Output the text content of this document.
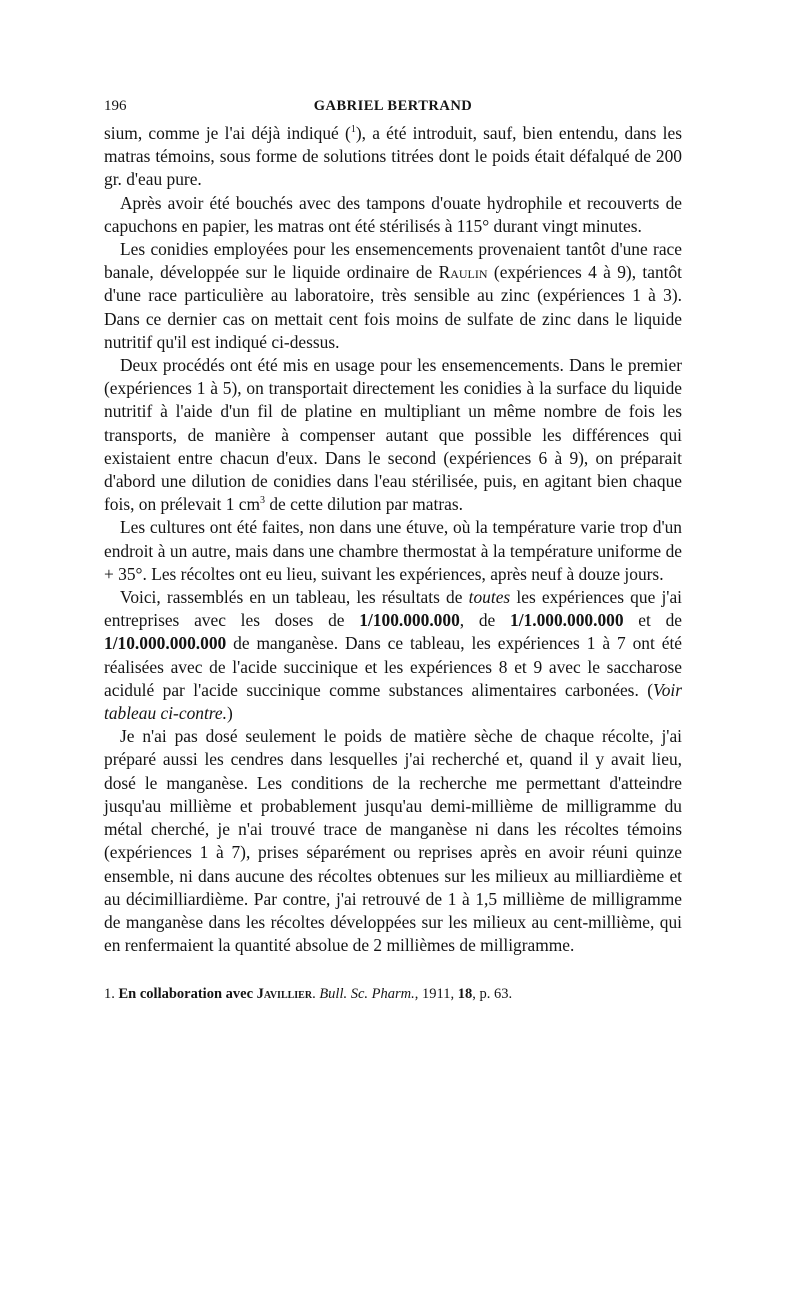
196	GABRIEL BERTRAND

sium, comme je l'ai déjà indiqué ($^1$), a été introduit, sauf, bien entendu, dans les matras témoins, sous forme de solutions titrées dont le poids était défalqué de 200 gr. d'eau pure.

Après avoir été bouchés avec des tampons d'ouate hydrophile et recouverts de capuchons en papier, les matras ont été stérilisés à 115° durant vingt minutes.

Les conidies employées pour les ensemencements provenaient tantôt d'une race banale, développée sur le liquide ordinaire de Raulin (expériences 4 à 9), tantôt d'une race particulière au laboratoire, très sensible au zinc (expériences 1 à 3). Dans ce dernier cas on mettait cent fois moins de sulfate de zinc dans le liquide nutritif qu'il est indiqué ci-dessus.

Deux procédés ont été mis en usage pour les ensemencements. Dans le premier (expériences 1 à 5), on transportait directement les conidies à la surface du liquide nutritif à l'aide d'un fil de platine en multipliant un même nombre de fois les transports, de manière à compenser autant que possible les différences qui existaient entre chacun d'eux. Dans le second (expériences 6 à 9), on préparait d'abord une dilution de conidies dans l'eau stérilisée, puis, en agitant bien chaque fois, on prélevait 1 $cm^3$ de cette dilution par matras.

Les cultures ont été faites, non dans une étuve, où la température varie trop d'un endroit à un autre, mais dans une chambre thermostat à la température uniforme de + 35°. Les récoltes ont eu lieu, suivant les expériences, après neuf à douze jours.

Voici, rassemblés en un tableau, les résultats de toutes les expériences que j'ai entreprises avec les doses de 1/100.000.000, de 1/1.000.000.000 et de 1/10.000.000.000 de manganèse. Dans ce tableau, les expériences 1 à 7 ont été réalisées avec de l'acide succinique et les expériences 8 et 9 avec le saccharose acidulé par l'acide succinique comme substances alimentaires carbonées. (Voir tableau ci-contre.)

Je n'ai pas dosé seulement le poids de matière sèche de chaque récolte, j'ai préparé aussi les cendres dans lesquelles j'ai recherché et, quand il y avait lieu, dosé le manganèse. Les conditions de la recherche me permettant d'atteindre jusqu'au millième et probablement jusqu'au demi-millième de milligramme du métal cherché, je n'ai trouvé trace de manganèse ni dans les récoltes témoins (expériences 1 à 7), prises séparément ou reprises après en avoir réuni quinze ensemble, ni dans aucune des récoltes obtenues sur les milieux au milliardième et au décimilliardième. Par contre, j'ai retrouvé de 1 à 1,5 millième de milligramme de manganèse dans les récoltes développées sur les milieux au cent-millième, qui en renfermaient la quantité absolue de 2 millièmes de milligramme.

1. En collaboration avec Javillier. Bull. Sc. Pharm., 1911, 18, p. 63.
